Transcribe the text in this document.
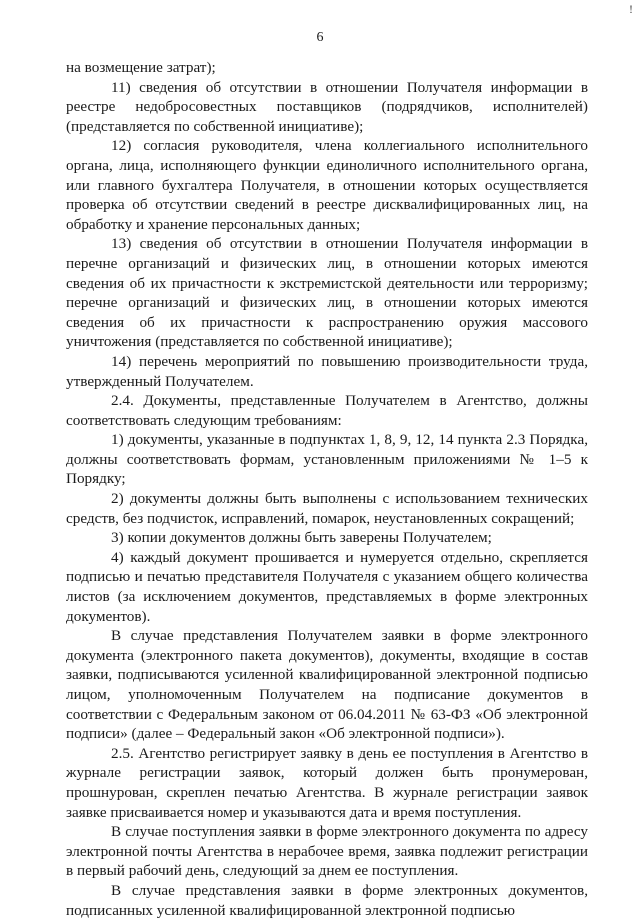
!
6

на возмещение затрат);

11) сведения об отсутствии в отношении Получателя информации в реестре недобросовестных поставщиков (подрядчиков, исполнителей) (представляется по собственной инициативе);

12) согласия руководителя, члена коллегиального исполнительного органа, лица, исполняющего функции единоличного исполнительного органа, или главного бухгалтера Получателя, в отношении которых осуществляется проверка об отсутствии сведений в реестре дисквалифицированных лиц, на обработку и хранение персональных данных;

13) сведения об отсутствии в отношении Получателя информации в перечне организаций и физических лиц, в отношении которых имеются сведения об их причастности к экстремистской деятельности или терроризму; перечне организаций и физических лиц, в отношении которых имеются сведения об их причастности к распространению оружия массового уничтожения (представляется по собственной инициативе);

14) перечень мероприятий по повышению производительности труда, утвержденный Получателем.

2.4. Документы, представленные Получателем в Агентство, должны соответствовать следующим требованиям:

1) документы, указанные в подпунктах 1, 8, 9, 12, 14 пункта 2.3 Порядка, должны соответствовать формам, установленным приложениями № 1–5 к Порядку;

2) документы должны быть выполнены с использованием технических средств, без подчисток, исправлений, помарок, неустановленных сокращений;

3) копии документов должны быть заверены Получателем;

4) каждый документ прошивается и нумеруется отдельно, скрепляется подписью и печатью представителя Получателя с указанием общего количества листов (за исключением документов, представляемых в форме электронных документов).

В случае представления Получателем заявки в форме электронного документа (электронного пакета документов), документы, входящие в состав заявки, подписываются усиленной квалифицированной электронной подписью лицом, уполномоченным Получателем на подписание документов в соответствии с Федеральным законом от 06.04.2011 № 63-ФЗ «Об электронной подписи» (далее – Федеральный закон «Об электронной подписи»).

2.5. Агентство регистрирует заявку в день ее поступления в Агентство в журнале регистрации заявок, который должен быть пронумерован, прошнурован, скреплен печатью Агентства. В журнале регистрации заявок заявке присваивается номер и указываются дата и время поступления.

В случае поступления заявки в форме электронного документа по адресу электронной почты Агентства в нерабочее время, заявка подлежит регистрации в первый рабочий день, следующий за днем ее поступления.

В случае представления заявки в форме электронных документов, подписанных усиленной квалифицированной электронной подписью
